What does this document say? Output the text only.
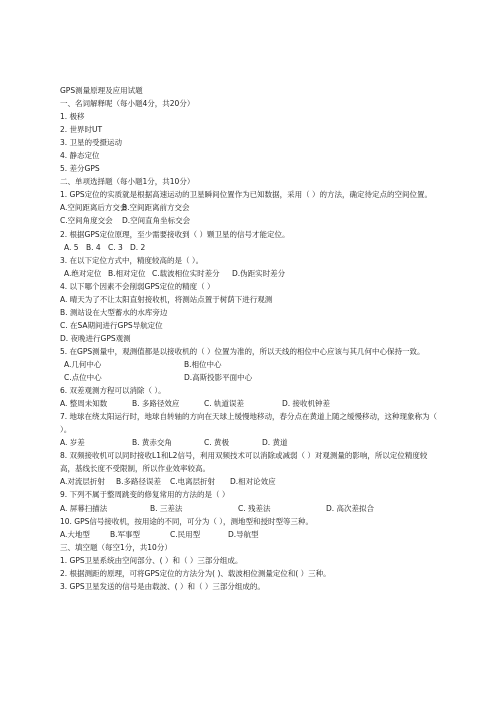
GPS测量原理及应用试题
一、名词解释呢（每小题4分，共20分）
1. 极移
2. 世界时UT
3. 卫星的受摄运动
4. 静态定位
5. 差分GPS
二、单项选择题（每小题1分，共10分）
1. GPS定位的实质就是根据高速运动的卫星瞬间位置作为已知数据，采用（ ）的方法，确定待定点的空间位置。
A.空间距离后方交会
B.空间距离前方交会
C.空间角度交会	D.空间直角坐标交会
2. 根据GPS定位原理，至少需要接收到（ ）颗卫星的信号才能定位。
A. 5 B. 4 C. 3 D. 2
3. 在以下定位方式中，精度较高的是（ ）。
A.绝对定位 B.相对定位 C.载波相位实时差分	D.伪距实时差分
4. 以下哪个因素不会削弱GPS定位的精度（ ）
A. 晴天为了不让太阳直射接收机，将测站点置于树荫下进行观测
B. 测站设在大型蓄水的水库旁边
C. 在SA期间进行GPS导航定位
D. 夜晚进行GPS观测
5. 在GPS测量中，观测值都是以接收机的（ ）位置为准的，所以天线的相位中心应该与其几何中心保持一致。
A.几何中心	B.相位中心
C.点位中心	D.高斯投影平面中心
6. 双差观测方程可以消除（ ）。
A. 整周未知数	B. 多路径效应	C. 轨道误差	D. 接收机钟差
7. 地球在绕太阳运行时，地球自转轴的方向在天球上缓慢地移动，春分点在黄道上随之缓慢移动，这种现象称为（ ）。
A. 岁差	B. 黄赤交角	C. 黄极	D. 黄道
8. 双频接收机可以同时接收L1和L2信号，利用双频技术可以消除或减弱（ ）对观测量的影响，所以定位精度较高，基线长度不受限制，所以作业效率较高。
A.对流层折射	B.多路径误差	C.电离层折射	D.相对论效应
9. 下列不属于整周跳变的修复常用的方法的是（ ）
A. 屏幕扫描法	B. 三差法	C. 残差法	D. 高次差拟合
10. GPS信号接收机，按用途的不同，可分为（ ），测地型和授时型等三种。
A.大地型	B.军事型	C.民用型	D.导航型
三、填空题（每空1分，共10分）
1. GPS卫星系统由空间部分、( ）和（ ）三部分组成。
2. 根据测距的原理，可将GPS定位的方法分为( )、载波相位测量定位和( ）三种。
3. GPS卫星发送的信号是由载波、( ）和（ ）三部分组成的。
